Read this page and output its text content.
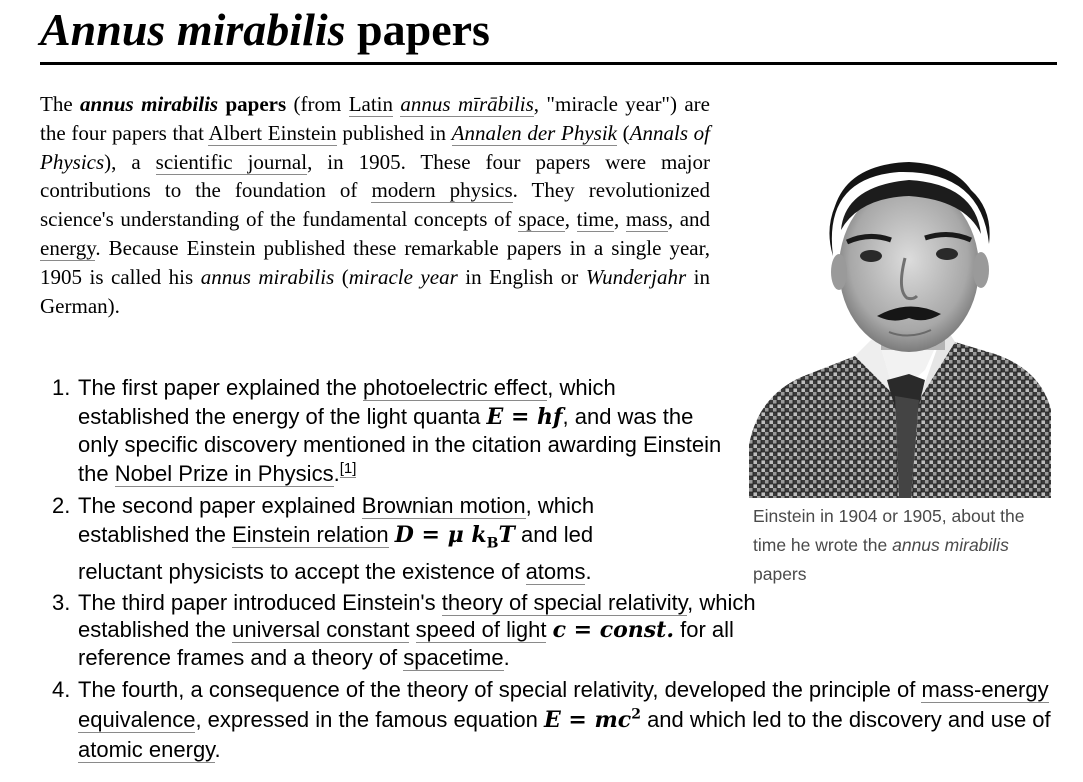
Annus mirabilis papers

The annus mirabilis papers (from Latin annus mīrābilis, "miracle year") are the four papers that Albert Einstein published in Annalen der Physik (Annals of Physics), a scientific journal, in 1905. These four papers were major contributions to the foundation of modern physics. They revolutionized science's understanding of the fundamental concepts of space, time, mass, and energy. Because Einstein published these remarkable papers in a single year, 1905 is called his annus mirabilis (miracle year in English or Wunderjahr in German).

Einstein in 1904 or 1905, about the time he wrote the annus mirabilis papers
1. The first paper explained the photoelectric effect, which established the energy of the light quanta E = hf, and was the only specific discovery mentioned in the citation awarding Einstein the Nobel Prize in Physics.[1]

2. The second paper explained Brownian motion, which established the Einstein relation D = μ $k_BT$ and led reluctant physicists to accept the existence of atoms.

3. The third paper introduced Einstein's theory of special relativity, which established the universal constant speed of light c = const. for all reference frames and a theory of spacetime.

4. The fourth, a consequence of the theory of special relativity, developed the principle of mass-energy equivalence, expressed in the famous equation $E = mc^2$ and which led to the discovery and use of atomic energy.
